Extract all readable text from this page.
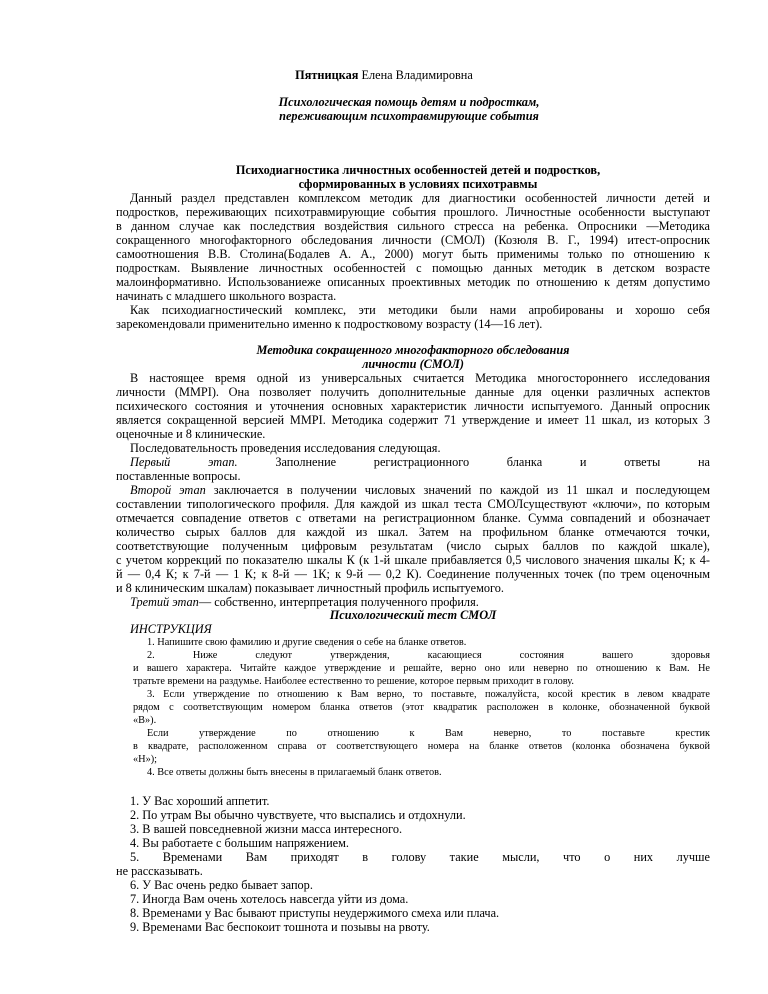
Пятницкая Елена Владимировна
Психологическая помощь детям и подросткам,
переживающим психотравмирующие события
Психодиагностика личностных особенностей детей и подростков,
сформированных в условиях психотравмы
Данный раздел представлен комплексом методик для диагностики особенностей личности детей и
подростков, переживающих психотравмирующие события прошлого. Личностные особенности выступают
в данном случае как последствия воздействия сильного стресса на ребенка. Опросники —Методика
сокращенного многофакторного обследования личности (СМОЛ) (Козюля В. Г., 1994) итест-опросник
самоотношения В.В. Столина(Бодалев А. А., 2000) могут быть применимы только по отношению к
подросткам. Выявление личностных особенностей с помощью данных методик в детском возрасте
малоинформативно. Использованиеже описанных проективных методик по отношению к детям допустимо
начинать с младшего школьного возраста.
Как психодиагностический комплекс, эти методики были нами апробированы и хорошо себя
зарекомендовали применительно именно к подростковому возрасту (14—16 лет).
Методика сокращенного многофакторного обследования
личности (СМОЛ)
В настоящее время одной из универсальных считается Методика многостороннего исследования
личности (ММPI). Она позволяет получить дополнительные данные для оценки различных аспектов
психического состояния и уточнения основных характеристик личности испытуемого. Данный опросник
является сокращенной версией ММPI. Методика содержит 71 утверждение и имеет 11 шкал, из которых 3
оценочные и 8 клинические.
Последовательность проведения исследования следующая.
Первый этап.	Заполнение регистрационного бланка и ответы на
поставленные вопросы.
Второй этап заключается в получении числовых значений по каждой из 11 шкал и последующем
составлении типологического профиля. Для каждой из шкал теста СМОЛсуществуют «ключи», по которым
отмечается совпадение ответов с ответами на регистрационном бланке. Сумма совпадений и обозначает
количество сырых баллов для каждой из шкал. Затем на профильном бланке отмечаются точки,
соответствующие полученным цифровым результатам (число сырых баллов по каждой шкале),
с учетом коррекций по показателю шкалы К (к 1-й шкале прибавляется 0,5 числового значения шкалы К; к 4-
й — 0,4 К; к 7-й — 1 К; к 8-й — 1К; к 9-й — 0,2 К). Соединение полученных точек (по трем оценочным
и 8 клиническим шкалам) показывает личностный профиль испытуемого.
Третий этап— собственно, интерпретация полученного профиля.
Психологический тест СМОЛ
ИНСТРУКЦИЯ
1. Напишите свою фамилию и другие сведения о себе на бланке ответов.
2. Ниже следуют утверждения, касающиеся состояния вашего здоровья
и вашего характера. Читайте каждое утверждение и решайте, верно оно или неверно по отношению к Вам. Не
тратьте времени на раздумье. Наиболее естественно то решение, которое первым приходит в голову.
3. Если утверждение по отношению к Вам верно, то поставьте, пожалуйста, косой крестик в левом квадрате
рядом с соответствующим номером бланка ответов (этот квадратик расположен в колонке, обозначенной буквой
«В»).
Если утверждение по отношению к Вам неверно, то поставьте крестик
в квадрате, расположенном справа от соответствующего номера на бланке ответов (колонка обозначена буквой
«Н»);
4. Все ответы должны быть внесены в прилагаемый бланк ответов.
1. У Вас хороший аппетит.
2. По утрам Вы обычно чувствуете, что выспались и отдохнули.
3. В вашей повседневной жизни масса интересного.
4. Вы работаете с большим напряжением.
5. Временами Вам приходят в голову такие мысли, что о них лучше
не рассказывать.
6. У Вас очень редко бывает запор.
7. Иногда Вам очень хотелось навсегда уйти из дома.
8. Временами у Вас бывают приступы неудержимого смеха или плача.
9. Временами Вас беспокоит тошнота и позывы на рвоту.
